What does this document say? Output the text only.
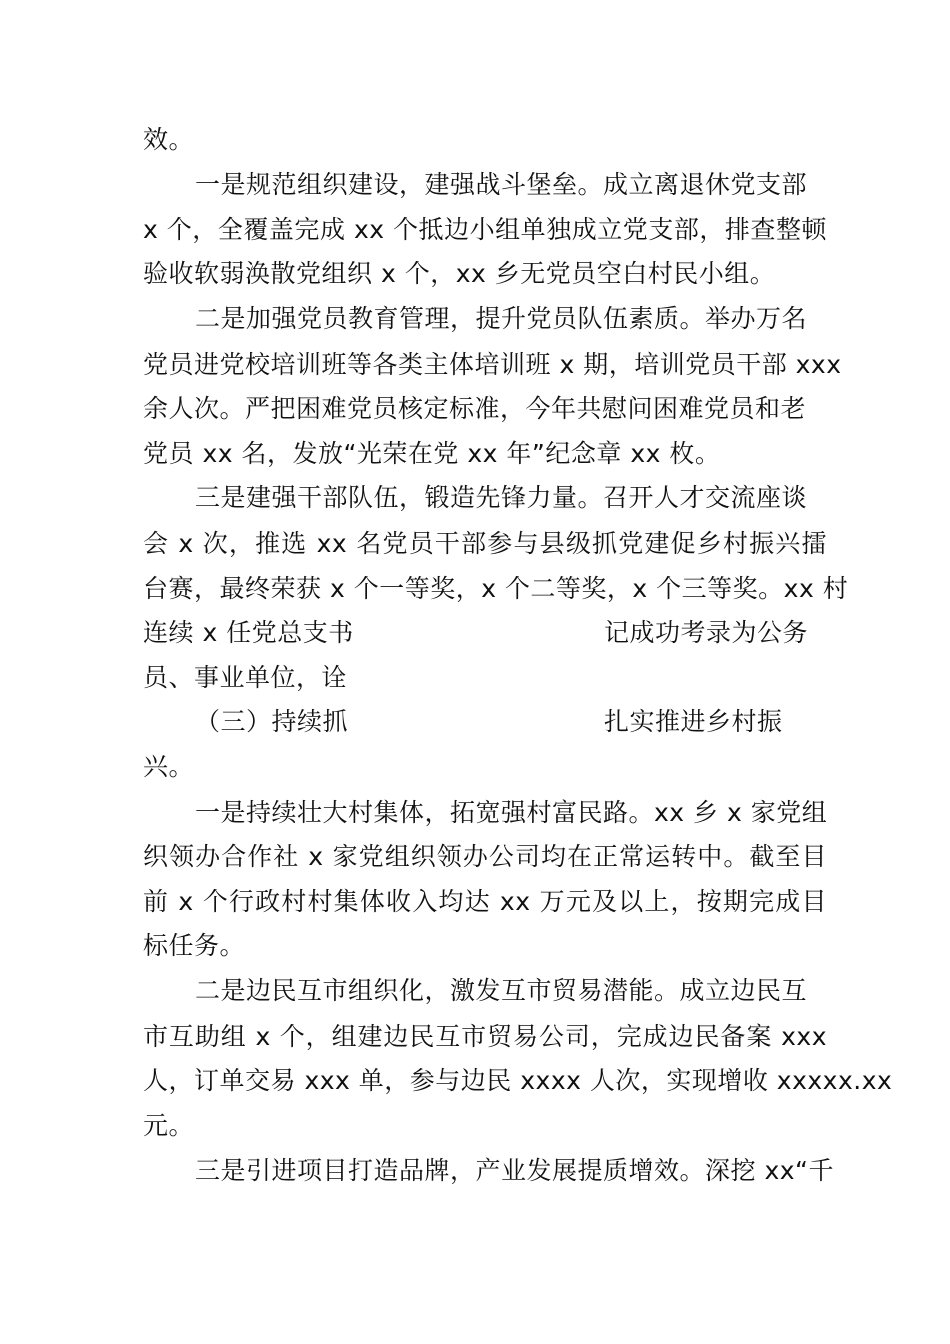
效。
一是规范组织建设，建强战斗堡垒。成立离退休党支部
x 个，全覆盖完成 xx 个抵边小组单独成立党支部，排查整顿
验收软弱涣散党组织 x 个，xx 乡无党员空白村民小组。
二是加强党员教育管理，提升党员队伍素质。举办万名
党员进党校培训班等各类主体培训班 x 期，培训党员干部 xxx
余人次。严把困难党员核定标准，今年共慰问困难党员和老
党员 xx 名，发放“光荣在党 xx 年”纪念章 xx 枚。
三是建强干部队伍，锻造先锋力量。召开人才交流座谈
会 x 次，推选 xx 名党员干部参与县级抓党建促乡村振兴擂
台赛，最终荣获 x 个一等奖，x 个二等奖，x 个三等奖。xx 村
连续 x 任党总支书	记成功考录为公务
员、事业单位，诠
（三）持续抓	扎实推进乡村振
兴。
一是持续壮大村集体，拓宽强村富民路。xx 乡 x 家党组
织领办合作社 x 家党组织领办公司均在正常运转中。截至目
前 x 个行政村村集体收入均达 xx 万元及以上，按期完成目
标任务。
二是边民互市组织化，激发互市贸易潜能。成立边民互
市互助组 x 个，组建边民互市贸易公司，完成边民备案 xxx
人，订单交易 xxx 单，参与边民 xxxx 人次，实现增收 xxxxx.xx
元。
三是引进项目打造品牌，产业发展提质增效。深挖 xx“千
